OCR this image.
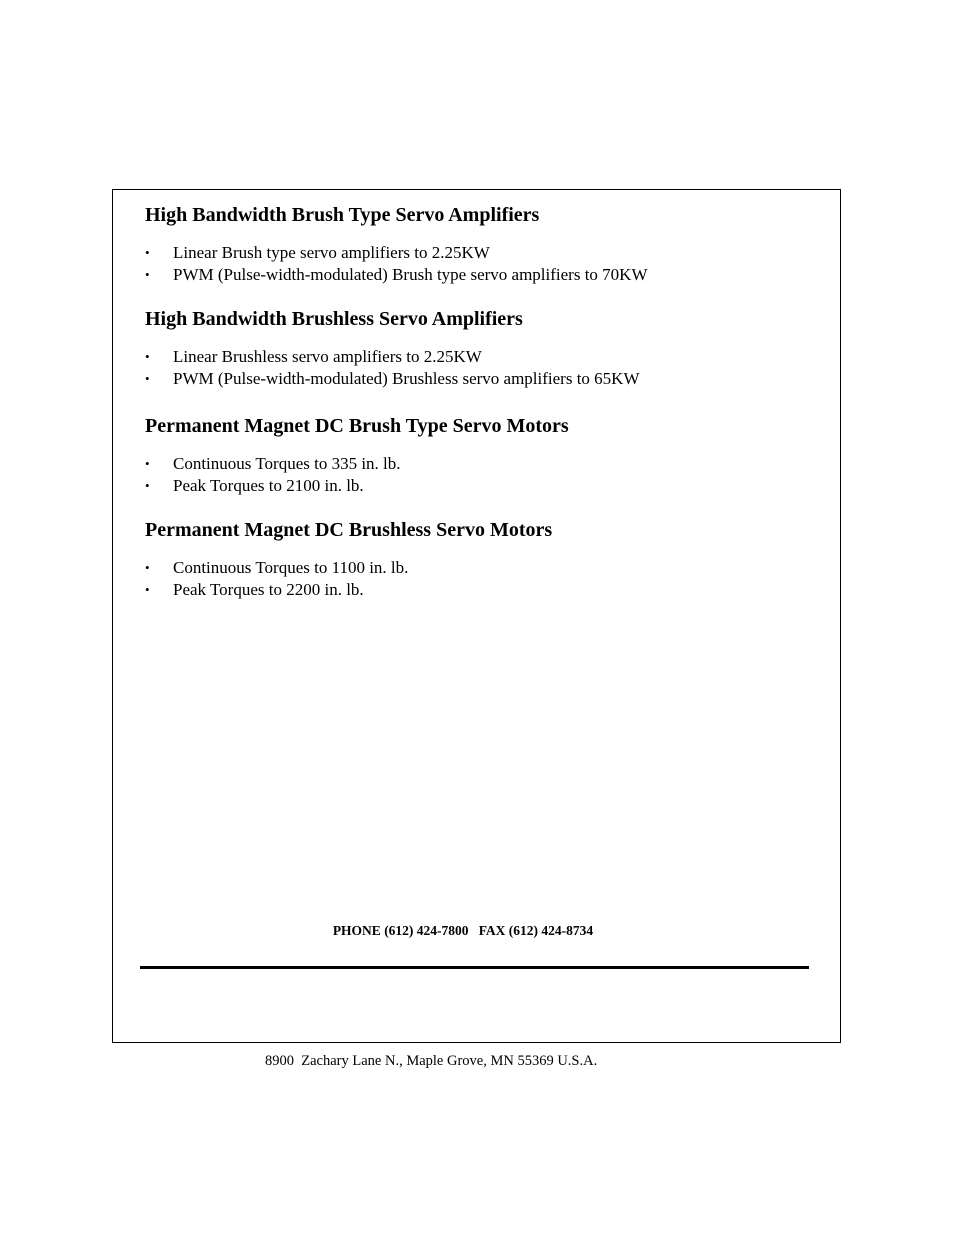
High Bandwidth Brush Type Servo Amplifiers
• Linear Brush type servo amplifiers to 2.25KW
• PWM (Pulse-width-modulated) Brush type servo amplifiers to 70KW
High Bandwidth Brushless Servo Amplifiers
• Linear Brushless servo amplifiers to 2.25KW
• PWM (Pulse-width-modulated) Brushless servo amplifiers to 65KW
Permanent Magnet DC Brush Type Servo Motors
• Continuous Torques to 335 in. lb.
• Peak Torques to 2100 in. lb.
Permanent Magnet DC Brushless Servo Motors
• Continuous Torques to 1100 in. lb.
• Peak Torques to 2200 in. lb.
PHONE (612) 424-7800 FAX (612) 424-8734
8900  Zachary Lane N., Maple Grove, MN 55369 U.S.A.
